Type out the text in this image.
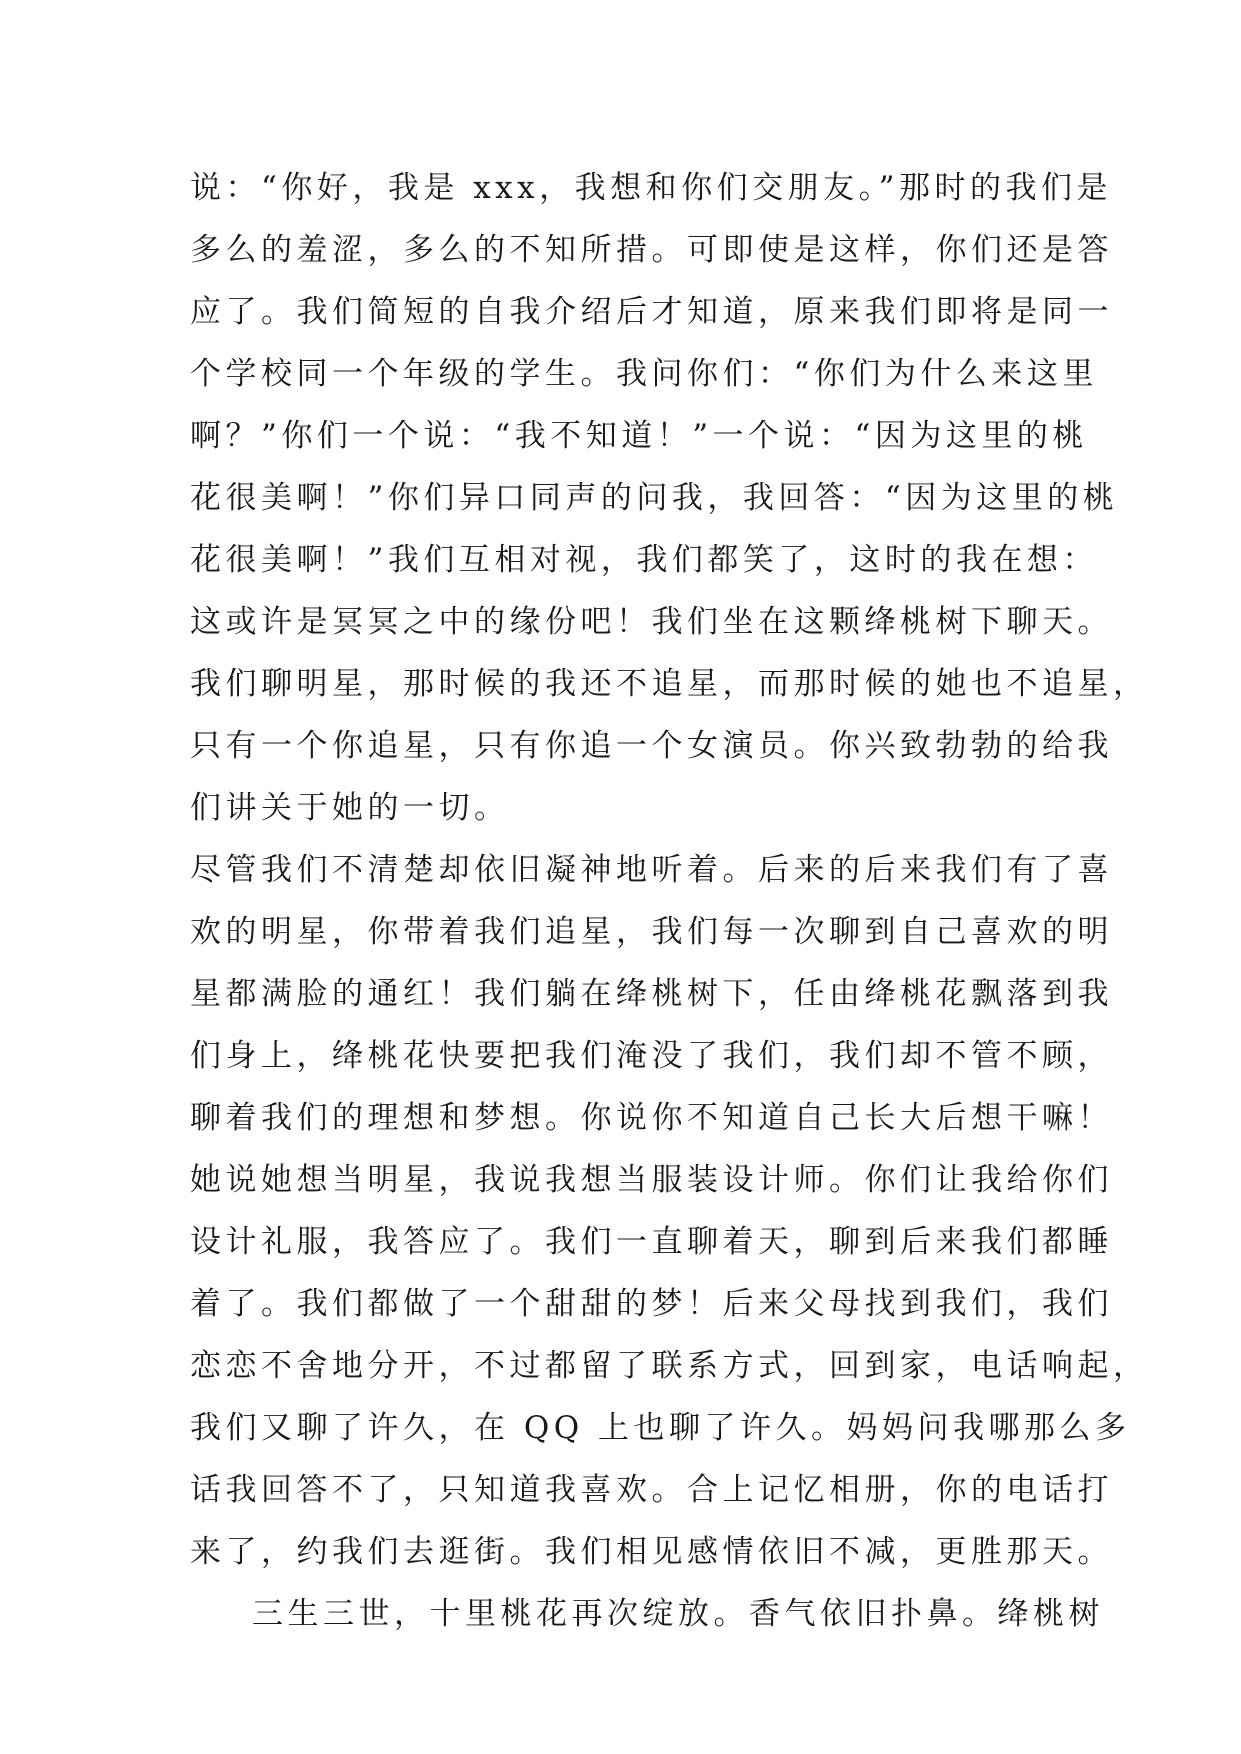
说：“你好，我是 xxx，我想和你们交朋友。”那时的我们是
多么的羞涩，多么的不知所措。可即使是这样，你们还是答
应了。我们简短的自我介绍后才知道，原来我们即将是同一
个学校同一个年级的学生。我问你们：“你们为什么来这里
啊？”你们一个说：“我不知道！”一个说：“因为这里的桃
花很美啊！”你们异口同声的问我，我回答：“因为这里的桃
花很美啊！”我们互相对视，我们都笑了，这时的我在想：
这或许是冥冥之中的缘份吧！我们坐在这颗绛桃树下聊天。
我们聊明星，那时候的我还不追星，而那时候的她也不追星，
只有一个你追星，只有你追一个女演员。你兴致勃勃的给我
们讲关于她的一切。
尽管我们不清楚却依旧凝神地听着。后来的后来我们有了喜
欢的明星，你带着我们追星，我们每一次聊到自己喜欢的明
星都满脸的通红！我们躺在绛桃树下，任由绛桃花飘落到我
们身上，绛桃花快要把我们淹没了我们，我们却不管不顾，
聊着我们的理想和梦想。你说你不知道自己长大后想干嘛！
她说她想当明星，我说我想当服装设计师。你们让我给你们
设计礼服，我答应了。我们一直聊着天，聊到后来我们都睡
着了。我们都做了一个甜甜的梦！后来父母找到我们，我们
恋恋不舍地分开，不过都留了联系方式，回到家，电话响起，
我们又聊了许久，在 QQ 上也聊了许久。妈妈问我哪那么多
话我回答不了，只知道我喜欢。合上记忆相册，你的电话打
来了，约我们去逛街。我们相见感情依旧不减，更胜那天。
三生三世，十里桃花再次绽放。香气依旧扑鼻。绛桃树
